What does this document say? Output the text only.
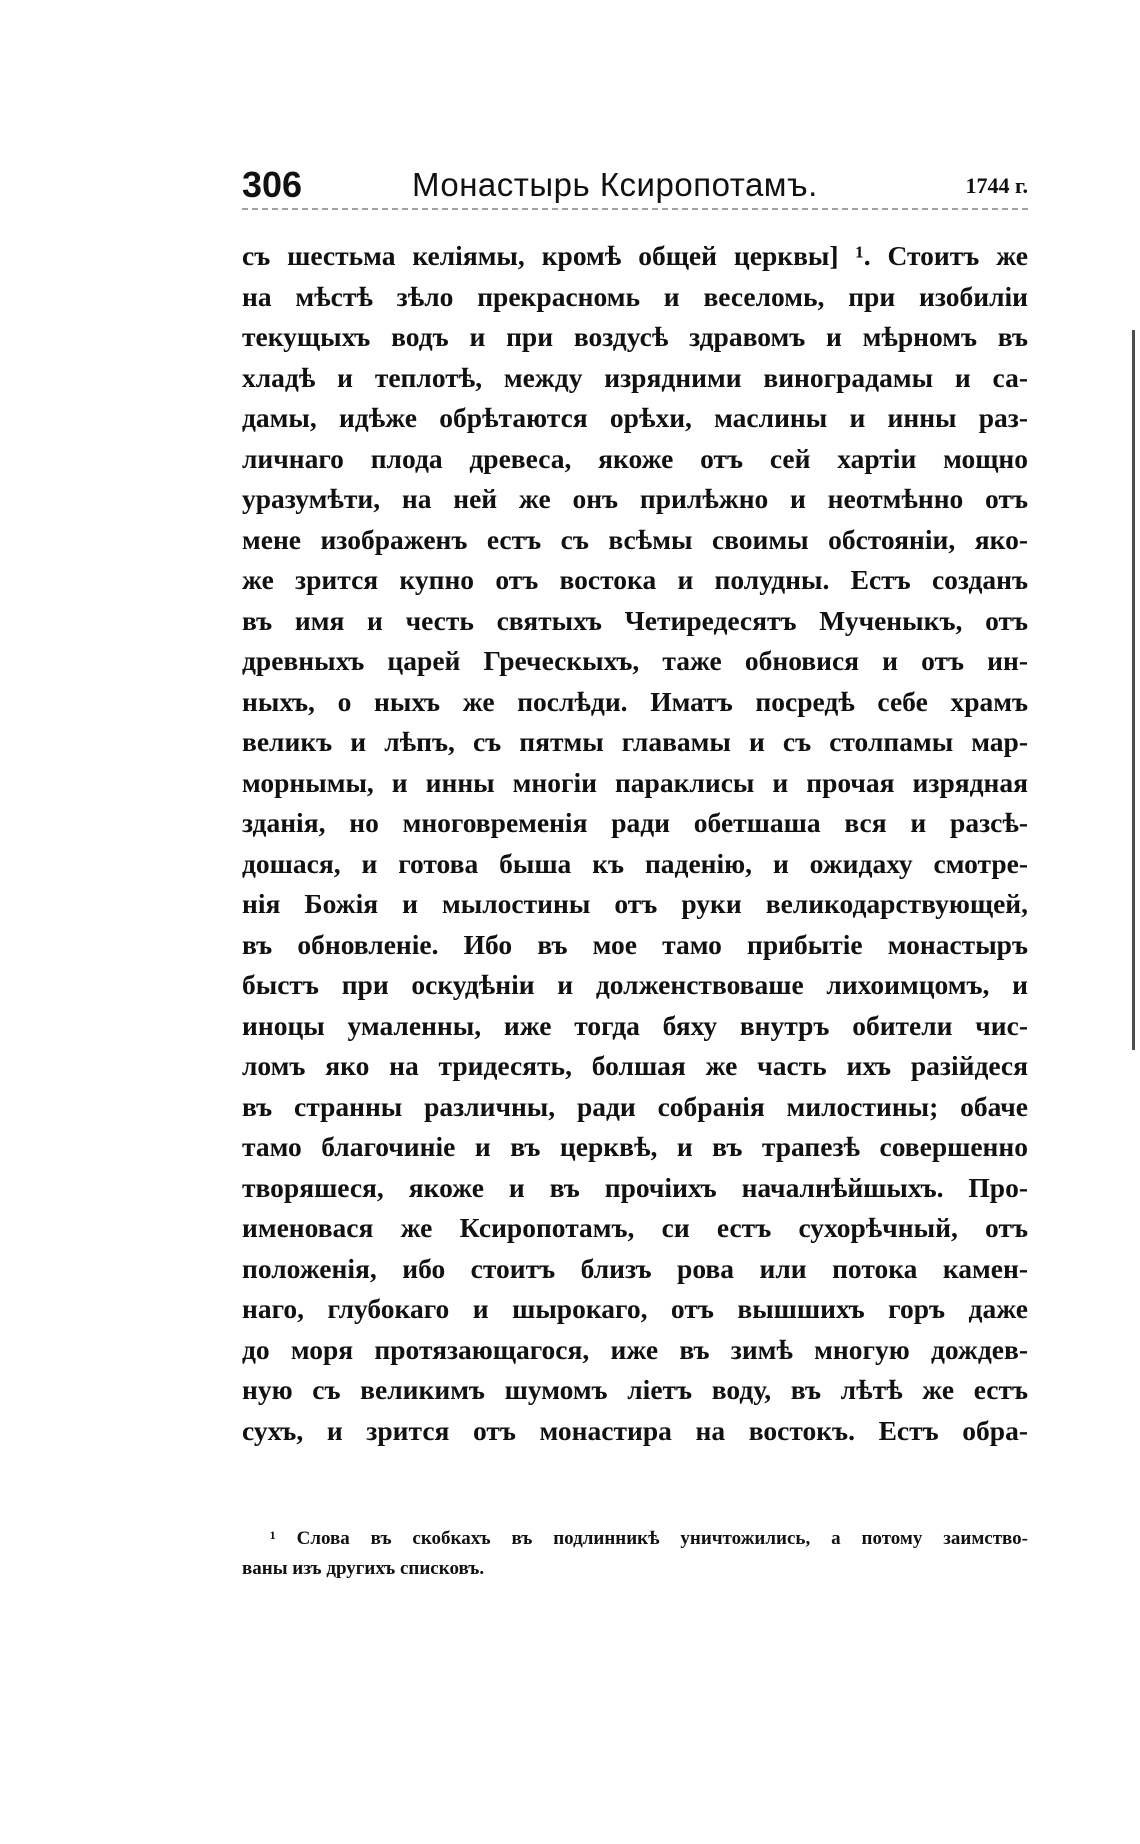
306	Монастырь Ксиропотамъ.	1744 г.
съ шестьма келіямы, кромѣ общей церквы] ¹. Стоитъ же
на мѣстѣ зѣло прекрасномь и веселомь, при изобиліи
текущыхъ водъ и при воздусѣ здравомъ и мѣрномъ въ
хладѣ и теплотѣ, между изрядними виноградамы и са-
дамы, идѣже обрѣтаются орѣхи, маслины и инны раз-
личнаго плода древеса, якоже отъ сей хартіи мощно
уразумѣти, на ней же онъ прилѣжно и неотмѣнно отъ
мене изображенъ естъ съ всѣмы своимы обстояніи, яко-
же зрится купно отъ востока и полудны. Естъ созданъ
въ имя и честь святыхъ Четиредесятъ Мученыкъ, отъ
древныхъ царей Греческыхъ, таже обновися и отъ ин-
ныхъ, о ныхъ же послѣди. Иматъ посредѣ себе храмъ
великъ и лѣпъ, съ пятмы главамы и съ столпамы мар-
морнымы, и инны многіи параклисы и прочая изрядная
зданія, но многовременія ради обетшаша вся и разсѣ-
дошася, и готова быша къ паденію, и ожидаху смотре-
нія Божія и мылостины отъ руки великодарствующей,
въ обновленіе. Ибо въ мое тамо прибытіе монастыръ
быстъ при оскудѣніи и долженствоваше лихоимцомъ, и
иноцы умаленны, иже тогда бяху внутръ обители чис-
ломъ яко на тридесять, болшая же часть ихъ разійдеся
въ странны различны, ради собранія милостины; обаче
тамо благочиніе и въ церквѣ, и въ трапезѣ совершенно
творяшеся, якоже и въ прочіихъ началнѣйшыхъ. Про-
именовася же Ксиропотамъ, си естъ сухорѣчный, отъ
положенія, ибо стоитъ близъ рова или потока камен-
наго, глубокаго и шырокаго, отъ вышшихъ горъ даже
до моря протязающагося, иже въ зимѣ многую дождев-
ную съ великимъ шумомъ ліетъ воду, въ лѣтѣ же естъ
сухъ, и зрится отъ монастира на востокъ. Естъ обра-
¹ Слова въ скобкахъ въ подлинникѣ уничтожились, а потому заимство-
ваны изъ другихъ списковъ.
